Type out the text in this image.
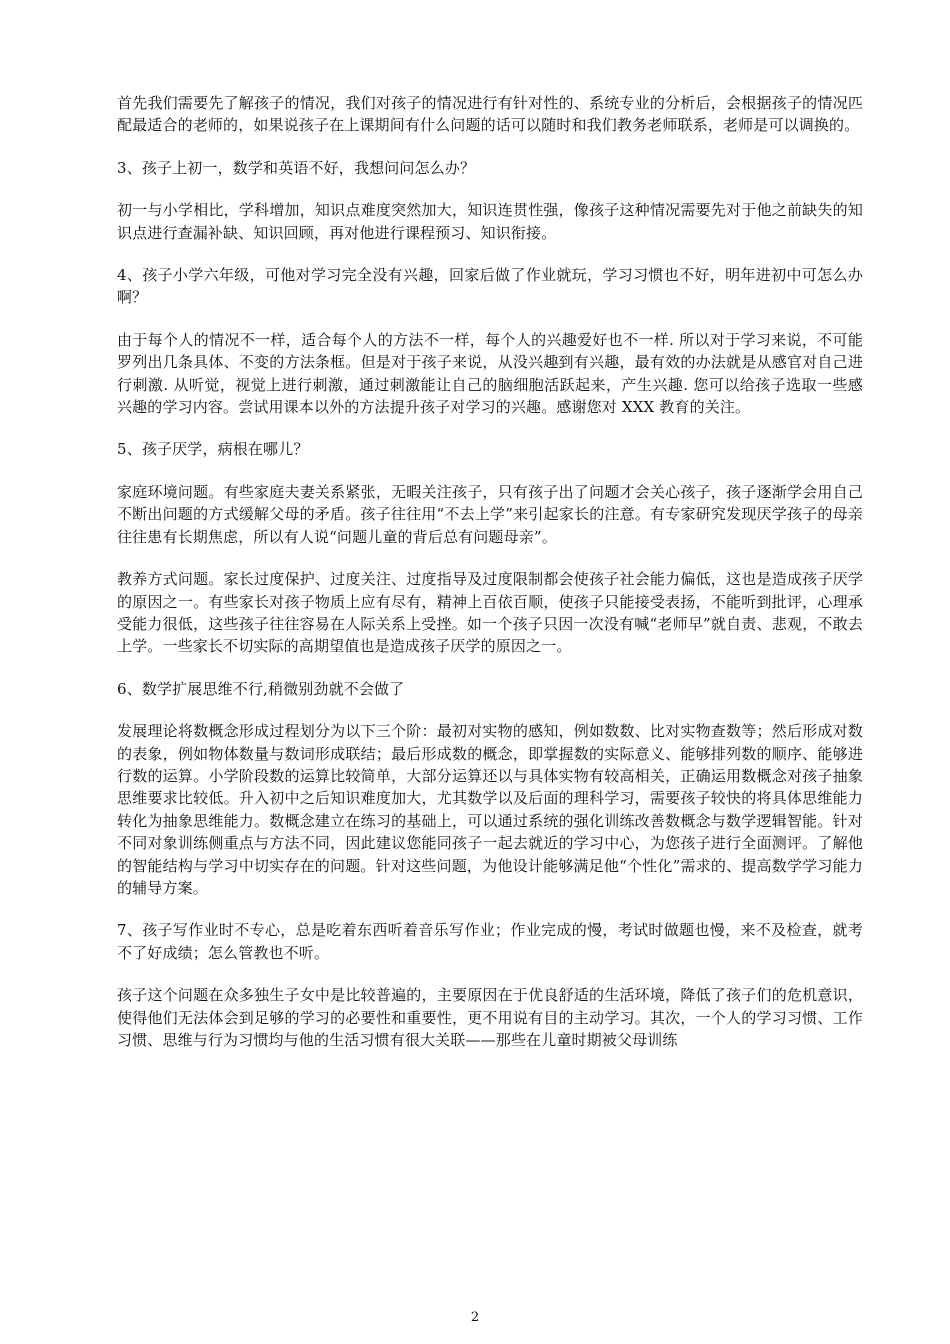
首先我们需要先了解孩子的情况，我们对孩子的情况进行有针对性的、系统专业的分析后，会根据孩子的情况匹配最适合的老师的，如果说孩子在上课期间有什么问题的话可以随时和我们教务老师联系，老师是可以调换的。

3、孩子上初一，数学和英语不好，我想问问怎么办？

初一与小学相比，学科增加，知识点难度突然加大，知识连贯性强，像孩子这种情况需要先对于他之前缺失的知识点进行查漏补缺、知识回顾，再对他进行课程预习、知识衔接。

4、孩子小学六年级，可他对学习完全没有兴趣，回家后做了作业就玩，学习习惯也不好，明年进初中可怎么办啊？

由于每个人的情况不一样，适合每个人的方法不一样，每个人的兴趣爱好也不一样. 所以对于学习来说，不可能罗列出几条具体、不变的方法条框。但是对于孩子来说，从没兴趣到有兴趣，最有效的办法就是从感官对自己进行刺激. 从听觉，视觉上进行刺激，通过刺激能让自己的脑细胞活跃起来，产生兴趣. 您可以给孩子选取一些感兴趣的学习内容。尝试用课本以外的方法提升孩子对学习的兴趣。感谢您对 XXX 教育的关注。

5、孩子厌学，病根在哪儿？

家庭环境问题。有些家庭夫妻关系紧张，无暇关注孩子，只有孩子出了问题才会关心孩子，孩子逐渐学会用自己不断出问题的方式缓解父母的矛盾。孩子往往用“不去上学”来引起家长的注意。有专家研究发现厌学孩子的母亲往往患有长期焦虑，所以有人说“问题儿童的背后总有问题母亲”。

教养方式问题。家长过度保护、过度关注、过度指导及过度限制都会使孩子社会能力偏低，这也是造成孩子厌学的原因之一。有些家长对孩子物质上应有尽有，精神上百依百顺，使孩子只能接受表扬，不能听到批评，心理承受能力很低，这些孩子往往容易在人际关系上受挫。如一个孩子只因一次没有喊“老师早”就自责、悲观，不敢去上学。一些家长不切实际的高期望值也是造成孩子厌学的原因之一。

6、数学扩展思维不行,稍微别劲就不会做了

发展理论将数概念形成过程划分为以下三个阶：最初对实物的感知，例如数数、比对实物查数等；然后形成对数的表象，例如物体数量与数词形成联结；最后形成数的概念，即掌握数的实际意义、能够排列数的顺序、能够进行数的运算。小学阶段数的运算比较简单，大部分运算还以与具体实物有较高相关，正确运用数概念对孩子抽象思维要求比较低。升入初中之后知识难度加大，尤其数学以及后面的理科学习，需要孩子较快的将具体思维能力转化为抽象思维能力。数概念建立在练习的基础上，可以通过系统的强化训练改善数概念与数学逻辑智能。针对不同对象训练侧重点与方法不同，因此建议您能同孩子一起去就近的学习中心，为您孩子进行全面测评。了解他的智能结构与学习中切实存在的问题。针对这些问题，为他设计能够满足他“个性化”需求的、提高数学学习能力的辅导方案。

7、孩子写作业时不专心，总是吃着东西听着音乐写作业；作业完成的慢，考试时做题也慢，来不及检查，就考不了好成绩；怎么管教也不听。

孩子这个问题在众多独生子女中是比较普遍的，主要原因在于优良舒适的生活环境，降低了孩子们的危机意识，使得他们无法体会到足够的学习的必要性和重要性，更不用说有目的主动学习。其次，一个人的学习习惯、工作习惯、思维与行为习惯均与他的生活习惯有很大关联——那些在儿童时期被父母训练

2
